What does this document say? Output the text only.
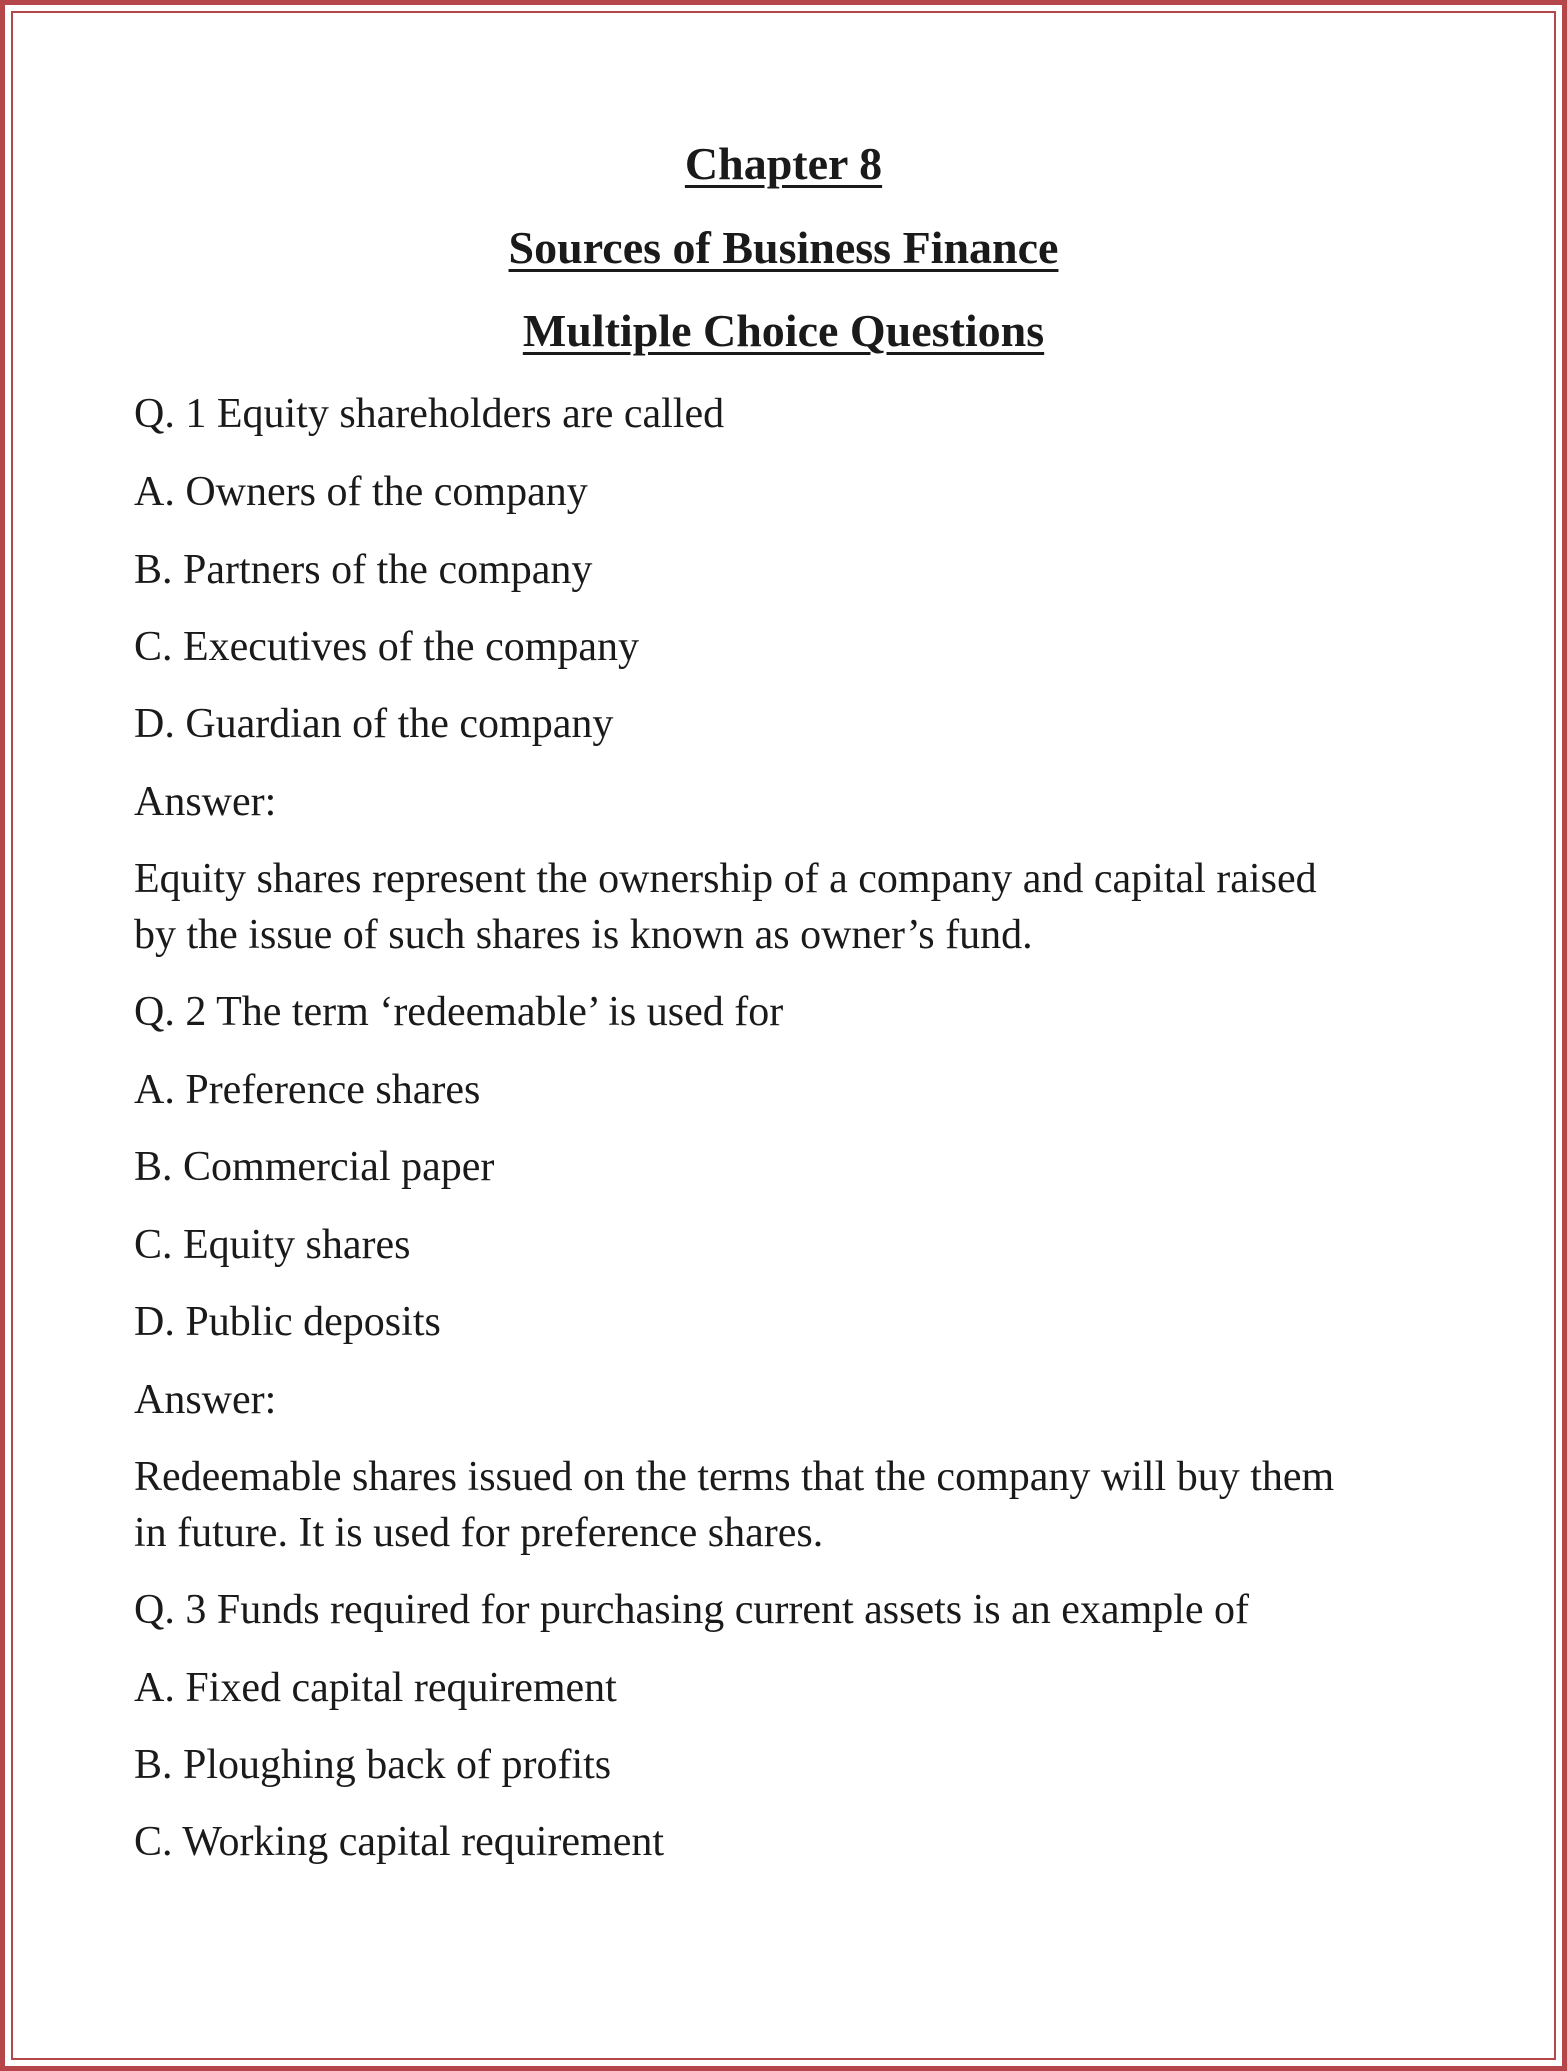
Chapter 8
Sources of Business Finance
Multiple Choice Questions

Q. 1 Equity shareholders are called

A. Owners of the company

B. Partners of the company

C. Executives of the company

D. Guardian of the company

Answer:

Equity shares represent the ownership of a company and capital raised

by the issue of such shares is known as owner’s fund.

Q. 2 The term ‘redeemable’ is used for

A. Preference shares

B. Commercial paper

C. Equity shares

D. Public deposits

Answer:

Redeemable shares issued on the terms that the company will buy them

in future. It is used for preference shares.

Q. 3 Funds required for purchasing current assets is an example of

A. Fixed capital requirement

B. Ploughing back of profits

C. Working capital requirement
